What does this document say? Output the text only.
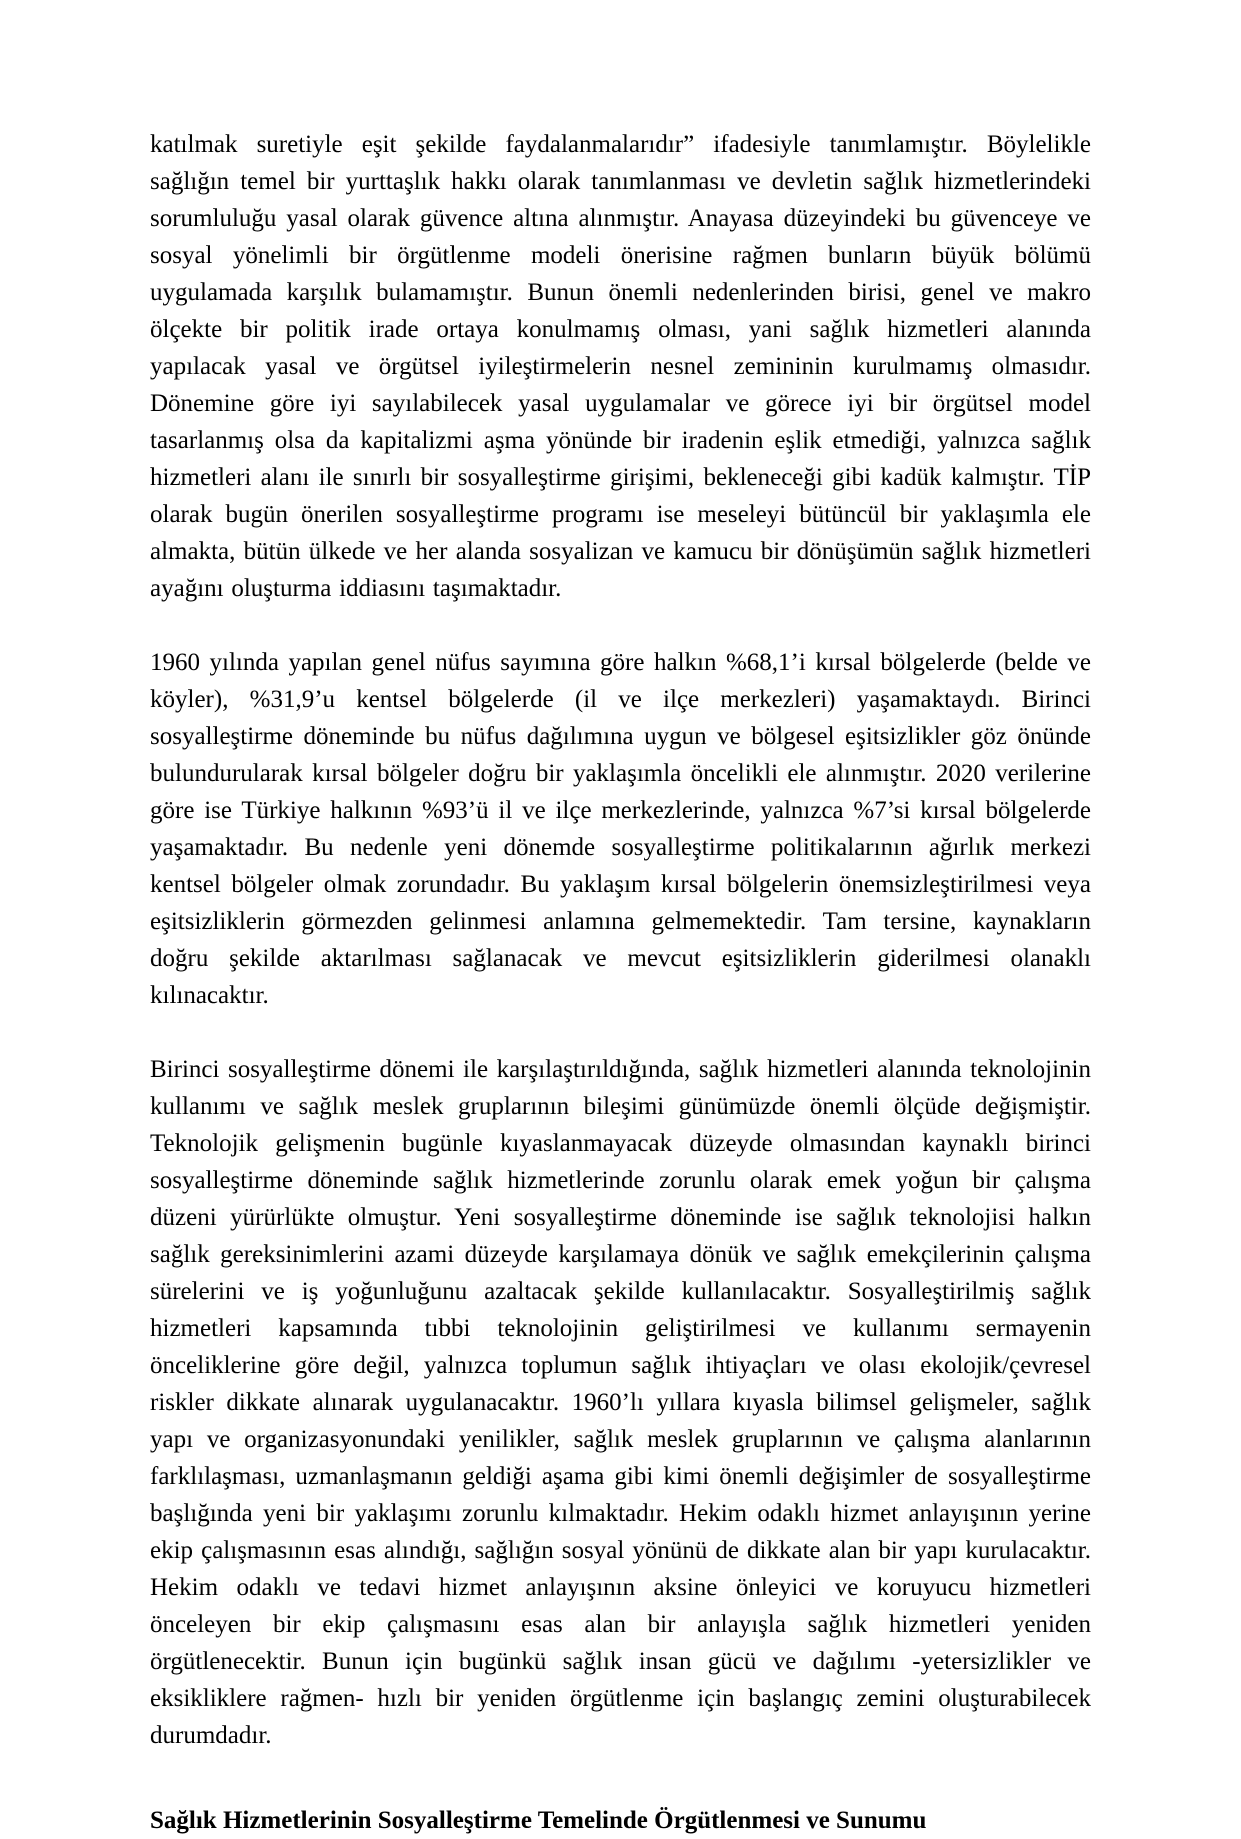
katılmak suretiyle eşit şekilde faydalanmalarıdır” ifadesiyle tanımlamıştır. Böylelikle sağlığın temel bir yurttaşlık hakkı olarak tanımlanması ve devletin sağlık hizmetlerindeki sorumluluğu yasal olarak güvence altına alınmıştır. Anayasa düzeyindeki bu güvenceye ve sosyal yönelimli bir örgütlenme modeli önerisine rağmen bunların büyük bölümü uygulamada karşılık bulamamıştır. Bunun önemli nedenlerinden birisi, genel ve makro ölçekte bir politik irade ortaya konulmamış olması, yani sağlık hizmetleri alanında yapılacak yasal ve örgütsel iyileştirmelerin nesnel zemininin kurulmamış olmasıdır. Dönemine göre iyi sayılabilecek yasal uygulamalar ve görece iyi bir örgütsel model tasarlanmış olsa da kapitalizmi aşma yönünde bir iradenin eşlik etmediği, yalnızca sağlık hizmetleri alanı ile sınırlı bir sosyalleştirme girişimi, bekleneceği gibi kadük kalmıştır. TİP olarak bugün önerilen sosyalleştirme programı ise meseleyi bütüncül bir yaklaşımla ele almakta, bütün ülkede ve her alanda sosyalizan ve kamucu bir dönüşümün sağlık hizmetleri ayağını oluşturma iddiasını taşımaktadır.

1960 yılında yapılan genel nüfus sayımına göre halkın %68,1’i kırsal bölgelerde (belde ve köyler), %31,9’u kentsel bölgelerde (il ve ilçe merkezleri) yaşamaktaydı. Birinci sosyalleştirme döneminde bu nüfus dağılımına uygun ve bölgesel eşitsizlikler göz önünde bulundurularak kırsal bölgeler doğru bir yaklaşımla öncelikli ele alınmıştır. 2020 verilerine göre ise Türkiye halkının %93’ü il ve ilçe merkezlerinde, yalnızca %7’si kırsal bölgelerde yaşamaktadır. Bu nedenle yeni dönemde sosyalleştirme politikalarının ağırlık merkezi kentsel bölgeler olmak zorundadır. Bu yaklaşım kırsal bölgelerin önemsizleştirilmesi veya eşitsizliklerin görmezden gelinmesi anlamına gelmemektedir. Tam tersine, kaynakların doğru şekilde aktarılması sağlanacak ve mevcut eşitsizliklerin giderilmesi olanaklı kılınacaktır.

Birinci sosyalleştirme dönemi ile karşılaştırıldığında, sağlık hizmetleri alanında teknolojinin kullanımı ve sağlık meslek gruplarının bileşimi günümüzde önemli ölçüde değişmiştir. Teknolojik gelişmenin bugünle kıyaslanmayacak düzeyde olmasından kaynaklı birinci sosyalleştirme döneminde sağlık hizmetlerinde zorunlu olarak emek yoğun bir çalışma düzeni yürürlükte olmuştur. Yeni sosyalleştirme döneminde ise sağlık teknolojisi halkın sağlık gereksinimlerini azami düzeyde karşılamaya dönük ve sağlık emekçilerinin çalışma sürelerini ve iş yoğunluğunu azaltacak şekilde kullanılacaktır. Sosyalleştirilmiş sağlık hizmetleri kapsamında tıbbi teknolojinin geliştirilmesi ve kullanımı sermayenin önceliklerine göre değil, yalnızca toplumun sağlık ihtiyaçları ve olası ekolojik/çevresel riskler dikkate alınarak uygulanacaktır. 1960’lı yıllara kıyasla bilimsel gelişmeler, sağlık yapı ve organizasyonundaki yenilikler, sağlık meslek gruplarının ve çalışma alanlarının farklılaşması, uzmanlaşmanın geldiği aşama gibi kimi önemli değişimler de sosyalleştirme başlığında yeni bir yaklaşımı zorunlu kılmaktadır. Hekim odaklı hizmet anlayışının yerine ekip çalışmasının esas alındığı, sağlığın sosyal yönünü de dikkate alan bir yapı kurulacaktır. Hekim odaklı ve tedavi hizmet anlayışının aksine önleyici ve koruyucu hizmetleri önceleyen bir ekip çalışmasını esas alan bir anlayışla sağlık hizmetleri yeniden örgütlenecektir. Bunun için bugünkü sağlık insan gücü ve dağılımı -yetersizlikler ve eksikliklere rağmen- hızlı bir yeniden örgütlenme için başlangıç zemini oluşturabilecek durumdadır.

Sağlık Hizmetlerinin Sosyalleştirme Temelinde Örgütlenmesi ve Sunumu
